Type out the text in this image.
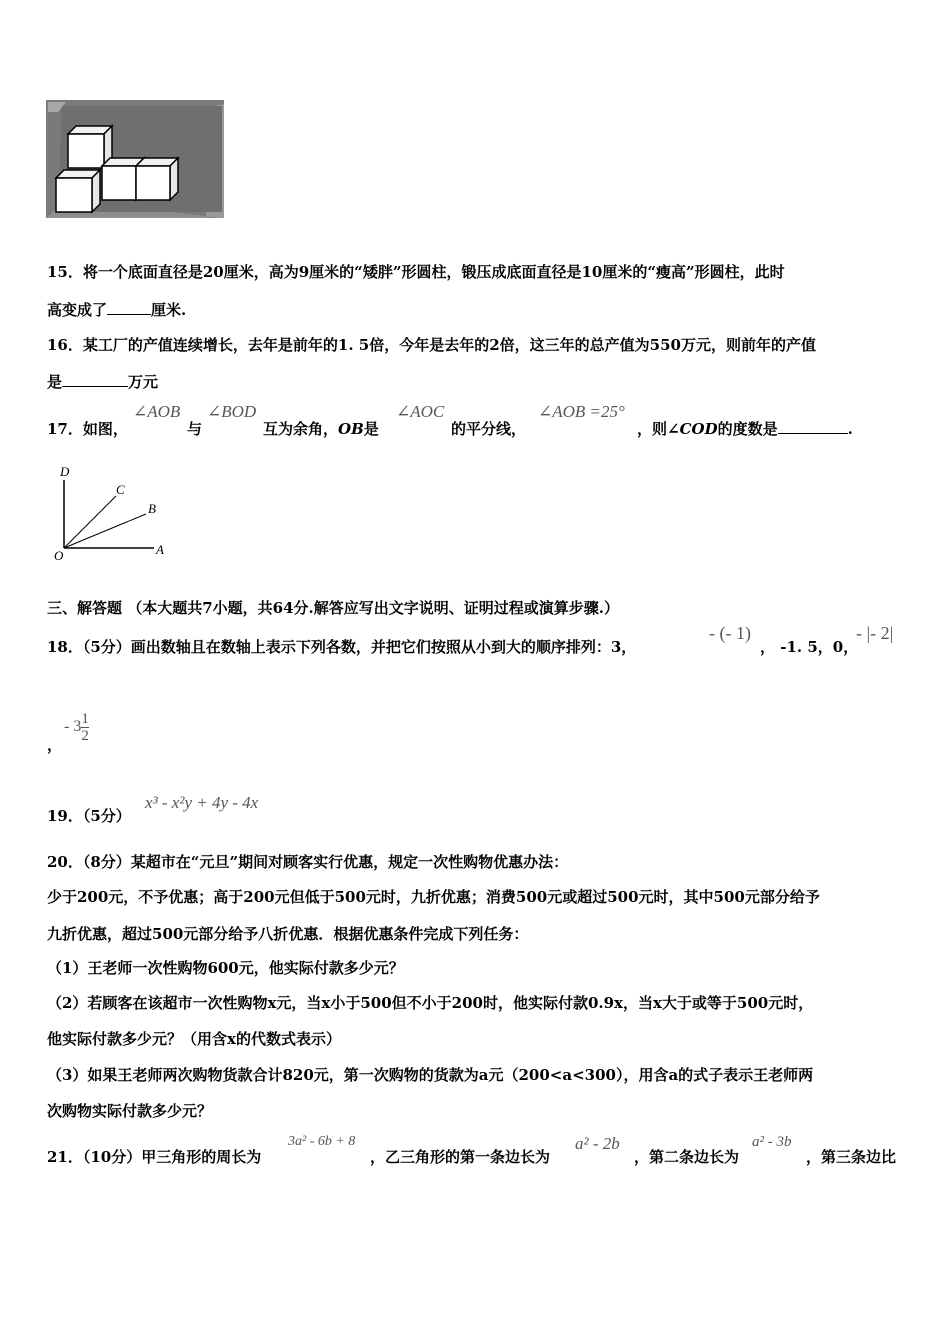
15．将一个底面直径是20厘米，高为9厘米的“矮胖”形圆柱，锻压成底面直径是10厘米的“瘦高”形圆柱，此时
高变成了	厘米.
16．某工厂的产值连续增长，去年是前年的1. 5倍，今年是去年的2倍，这三年的总产值为550万元，则前年的产值
是	万元
17．如图，
∠AOB
与
∠BOD
互为余角，OB是
∠AOC
的平分线，
∠AOB =25°
，则∠COD的度数是	.
D
C
B
O	A
三、解答题 （本大题共7小题，共64分.解答应写出文字说明、证明过程或演算步骤.）
18．（5分）画出数轴且在数轴上表示下列各数，并把它们按照从小到大的顺序排列：3，
- (- 1)
， -1. 5，0，
- |- 2|
，
- $3 \frac{1}{2}$
19．（5分）
x³ - x²y + 4y - 4x
20．（8分）某超市在“元旦”期间对顾客实行优惠，规定一次性购物优惠办法：
少于200元，不予优惠；高于200元但低于500元时，九折优惠；消费500元或超过500元时，其中500元部分给予
九折优惠，超过500元部分给予八折优惠．根据优惠条件完成下列任务：
（1）王老师一次性购物600元，他实际付款多少元？
（2）若顾客在该超市一次性购物x元，当x小于500但不小于200时，他实际付款0.9x，当x大于或等于500元时，
他实际付款多少元？（用含x的代数式表示）
（3）如果王老师两次购物货款合计820元，第一次购物的货款为a元（200<a<300），用含a的式子表示王老师两
次购物实际付款多少元？
21．（10分）甲三角形的周长为
3a² - 6b + 8
，乙三角形的第一条边长为
a² - 2b
，第二条边长为
a² - 3b
，第三条边比
